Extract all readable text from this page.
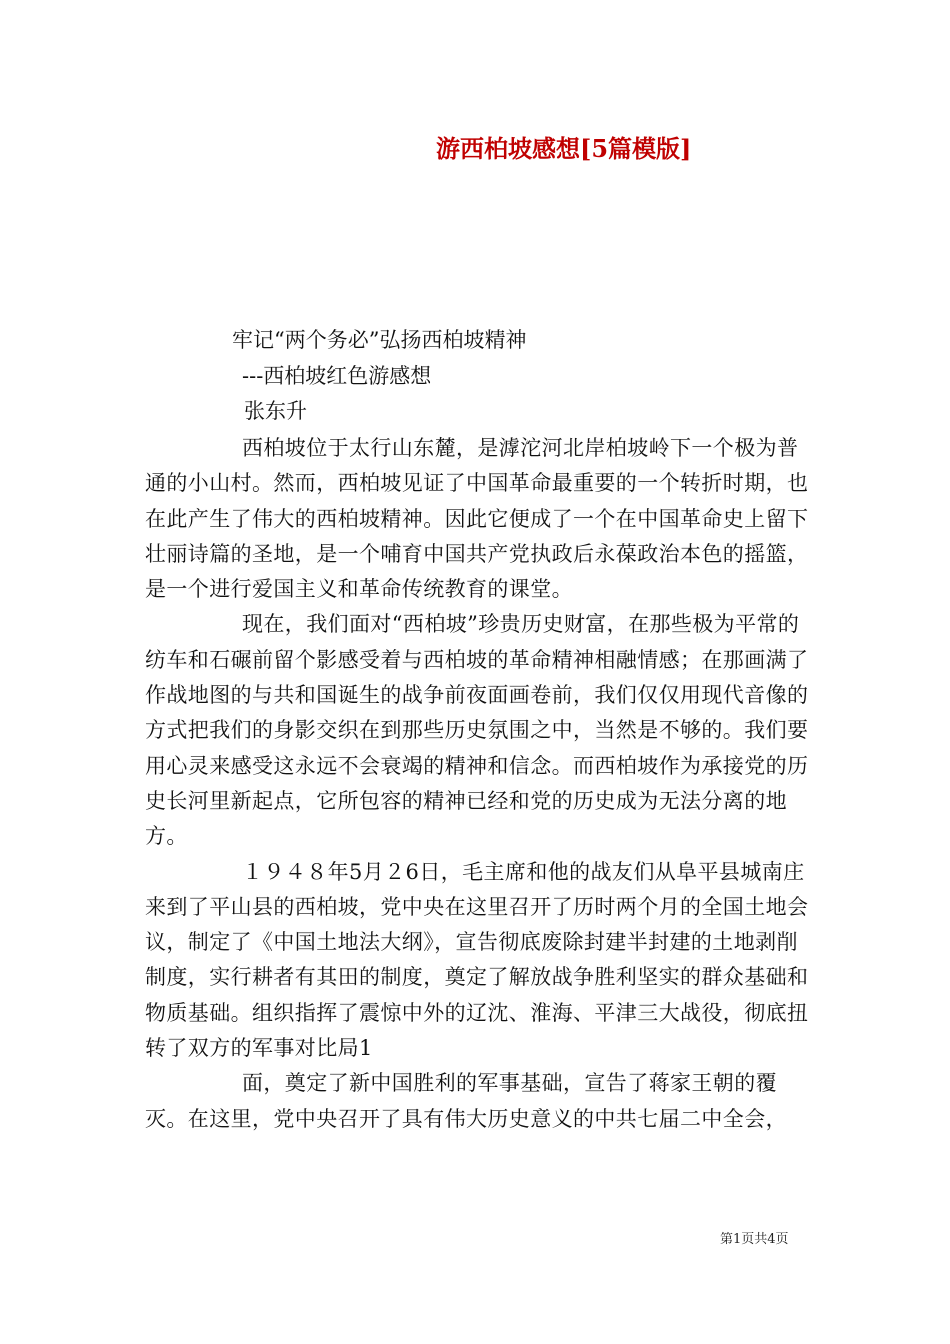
游西柏坡感想[5篇模版]
牢记“两个务必”弘扬西柏坡精神
---西柏坡红色游感想
张东升

西柏坡位于太行山东麓，是滹沱河北岸柏坡岭下一个极为普通的小山村。然而，西柏坡见证了中国革命最重要的一个转折时期，也在此产生了伟大的西柏坡精神。因此它便成了一个在中国革命史上留下壮丽诗篇的圣地，是一个哺育中国共产党执政后永葆政治本色的摇篮，是一个进行爱国主义和革命传统教育的课堂。

现在，我们面对“西柏坡”珍贵历史财富，在那些极为平常的纺车和石碾前留个影感受着与西柏坡的革命精神相融情感；在那画满了作战地图的与共和国诞生的战争前夜面画卷前，我们仅仅用现代音像的方式把我们的身影交织在到那些历史氛围之中，当然是不够的。我们要用心灵来感受这永远不会衰竭的精神和信念。而西柏坡作为承接党的历史长河里新起点，它所包容的精神已经和党的历史成为无法分离的地方。

１９４８年5月２6日，毛主席和他的战友们从阜平县城南庄来到了平山县的西柏坡，党中央在这里召开了历时两个月的全国土地会议，制定了《中国土地法大纲》，宣告彻底废除封建半封建的土地剥削制度，实行耕者有其田的制度，奠定了解放战争胜利坚实的群众基础和物质基础。组织指挥了震惊中外的辽沈、淮海、平津三大战役，彻底扭转了双方的军事对比局1

面，奠定了新中国胜利的军事基础，宣告了蒋家王朝的覆灭。在这里，党中央召开了具有伟大历史意义的中共七届二中全会，

第1页共4页
